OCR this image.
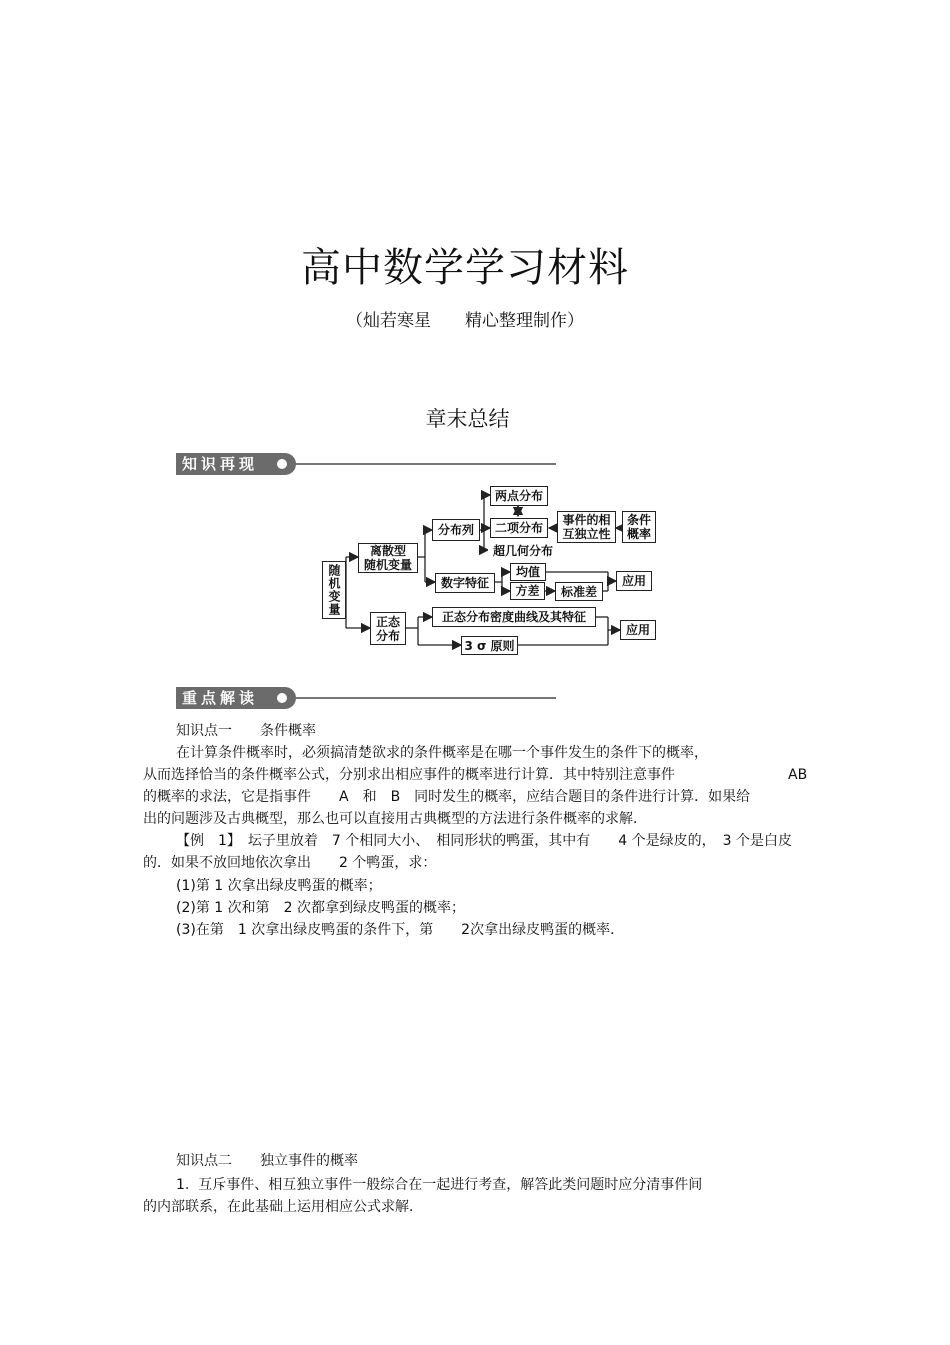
高中数学学习材料
（灿若寒星　　精心整理制作）
章末总结
知识再现
随机变量
离散型
随机变量
分布列
两点分布
二项分布
超几何分布
事件的相
互独立性
条件
概率
数字特征
均值
方差 标准差
应用
正态
分布
正态分布密度曲线及其特征
3 σ 原则
应用
重点解读
知识点一　　条件概率
在计算条件概率时，必须搞清楚欲求的条件概率是在哪一个事件发生的条件下的概率，
从而选择恰当的条件概率公式，分别求出相应事件的概率进行计算．其中特别注意事件	AB
的概率的求法，它是指事件　　A　和　B　同时发生的概率，应结合题目的条件进行计算．如果给
出的问题涉及古典概型，那么也可以直接用古典概型的方法进行条件概率的求解．
【例　1】　坛子里放着　7 个相同大小、　相同形状的鸭蛋，其中有　　4 个是绿皮的，　3 个是白皮
的．如果不放回地依次拿出　　2 个鸭蛋，求：
(1)第 1 次拿出绿皮鸭蛋的概率；
(2)第 1 次和第　2 次都拿到绿皮鸭蛋的概率；
(3)在第　1 次拿出绿皮鸭蛋的条件下，第　　2次拿出绿皮鸭蛋的概率．
知识点二　　独立事件的概率
1.  互斥事件、相互独立事件一般综合在一起进行考查，解答此类问题时应分清事件间
的内部联系，在此基础上运用相应公式求解．
